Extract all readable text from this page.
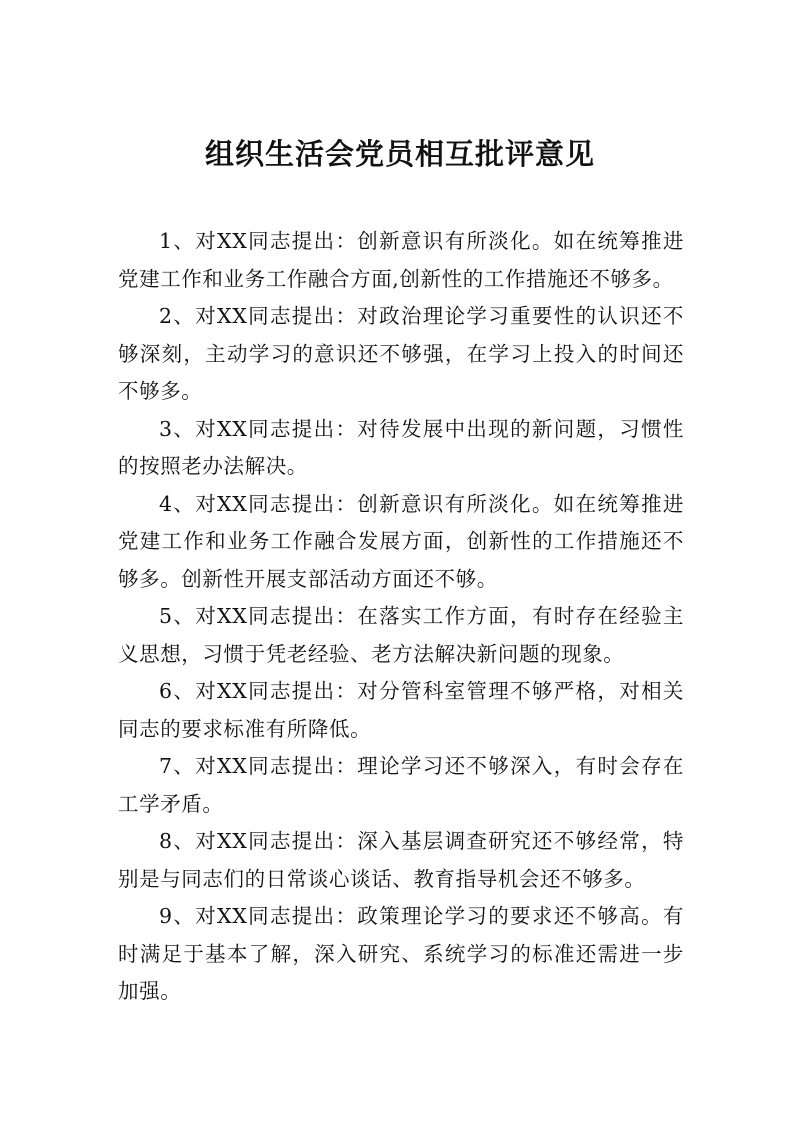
组织生活会党员相互批评意见

1、对XX同志提出：创新意识有所淡化。如在统筹推进党建工作和业务工作融合方面,创新性的工作措施还不够多。

2、对XX同志提出：对政治理论学习重要性的认识还不够深刻，主动学习的意识还不够强，在学习上投入的时间还不够多。

3、对XX同志提出：对待发展中出现的新问题，习惯性的按照老办法解决。

4、对XX同志提出：创新意识有所淡化。如在统筹推进党建工作和业务工作融合发展方面，创新性的工作措施还不够多。创新性开展支部活动方面还不够。

5、对XX同志提出：在落实工作方面，有时存在经验主义思想，习惯于凭老经验、老方法解决新问题的现象。

6、对XX同志提出：对分管科室管理不够严格，对相关同志的要求标准有所降低。

7、对XX同志提出：理论学习还不够深入，有时会存在工学矛盾。

8、对XX同志提出：深入基层调查研究还不够经常，特别是与同志们的日常谈心谈话、教育指导机会还不够多。

9、对XX同志提出：政策理论学习的要求还不够高。有时满足于基本了解，深入研究、系统学习的标准还需进一步加强。
